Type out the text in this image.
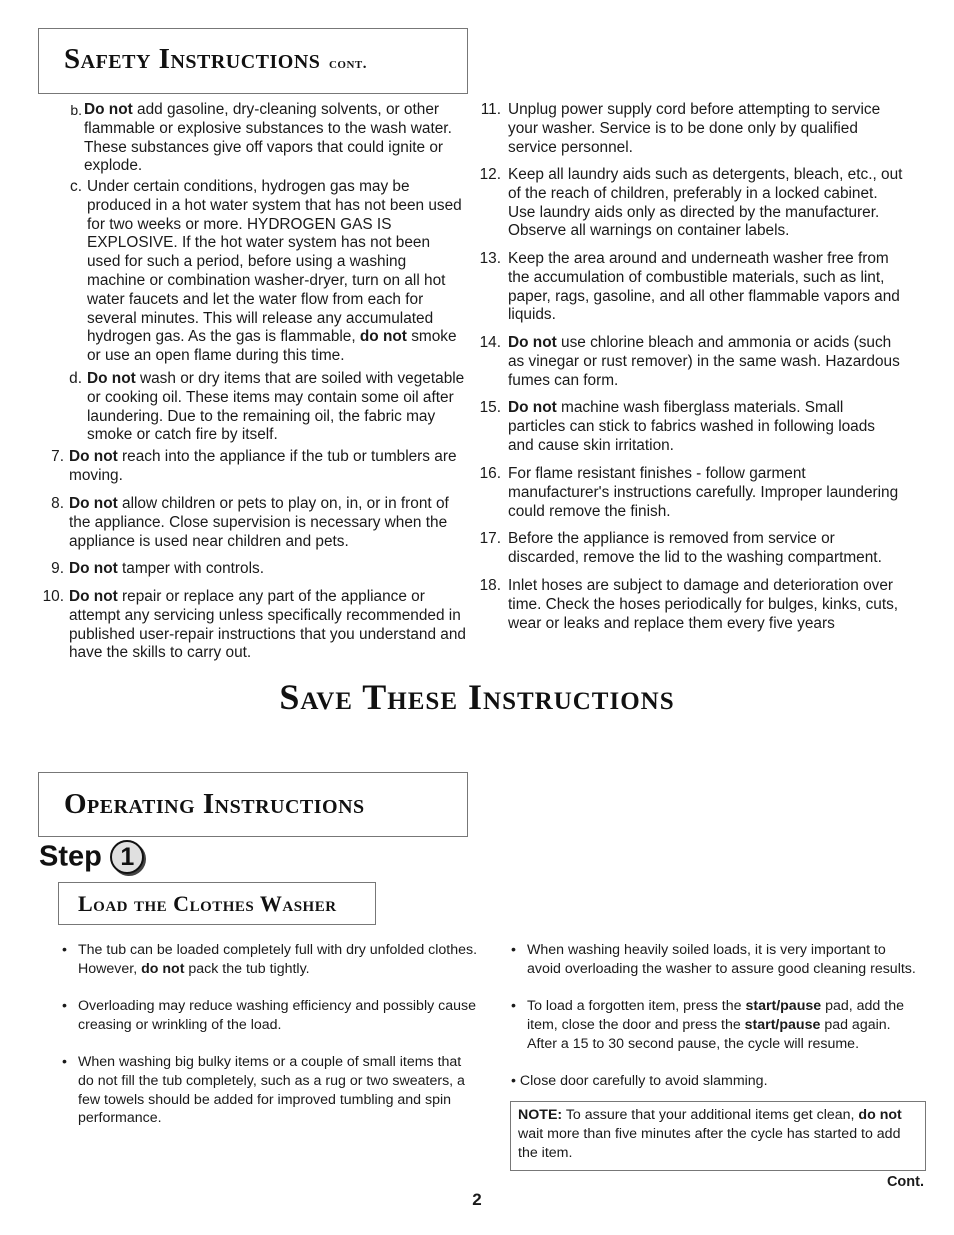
Safety Instructions cont.
b. Do not add gasoline, dry-cleaning solvents, or other flammable or explosive substances to the wash water. These substances give off vapors that could ignite or explode.
c. Under certain conditions, hydrogen gas may be produced in a hot water system that has not been used for two weeks or more. HYDROGEN GAS IS EXPLOSIVE. If the hot water system has not been used for such a period, before using a washing machine or combination washer-dryer, turn on all hot water faucets and let the water flow from each for several minutes. This will release any accumulated hydrogen gas. As the gas is flammable, do not smoke or use an open flame during this time.
d. Do not wash or dry items that are soiled with vegetable or cooking oil. These items may contain some oil after laundering. Due to the remaining oil, the fabric may smoke or catch fire by itself.
7. Do not reach into the appliance if the tub or tumblers are moving.
8. Do not allow children or pets to play on, in, or in front of the appliance. Close supervision is necessary when the appliance is used near children and pets.
9. Do not tamper with controls.
10. Do not repair or replace any part of the appliance or attempt any servicing unless specifically recommended in published user-repair instructions that you understand and have the skills to carry out.
11. Unplug power supply cord before attempting to service your washer. Service is to be done only by qualified service personnel.
12. Keep all laundry aids such as detergents, bleach, etc., out of the reach of children, preferably in a locked cabinet. Use laundry aids only as directed by the manufacturer. Observe all warnings on container labels.
13. Keep the area around and underneath washer free from the accumulation of combustible materials, such as lint, paper, rags, gasoline, and all other flammable vapors and liquids.
14. Do not use chlorine bleach and ammonia or acids (such as vinegar or rust remover) in the same wash. Hazardous fumes can form.
15. Do not machine wash fiberglass materials. Small particles can stick to fabrics washed in following loads and cause skin irritation.
16. For flame resistant finishes - follow garment manufacturer's instructions carefully. Improper laundering could remove the finish.
17. Before the appliance is removed from service or discarded, remove the lid to the washing compartment.
18. Inlet hoses are subject to damage and deterioration over time. Check the hoses periodically for bulges, kinks, cuts, wear or leaks and replace them every five years
Save These Instructions
Operating Instructions
Step 1
Load the Clothes Washer
• The tub can be loaded completely full with dry unfolded clothes. However, do not pack the tub tightly.
• Overloading may reduce washing efficiency and possibly cause creasing or wrinkling of the load.
• When washing big bulky items or a couple of small items that do not fill the tub completely, such as a rug or two sweaters, a few towels should be added for improved tumbling and spin performance.
• When washing heavily soiled loads, it is very important to avoid overloading the washer to assure good cleaning results.
• To load a forgotten item, press the start/pause pad, add the item, close the door and press the start/pause pad again. After a 15 to 30 second pause, the cycle will resume.
• Close door carefully to avoid slamming.
NOTE: To assure that your additional items get clean, do not wait more than five minutes after the cycle has started to add the item.
Cont.
2
